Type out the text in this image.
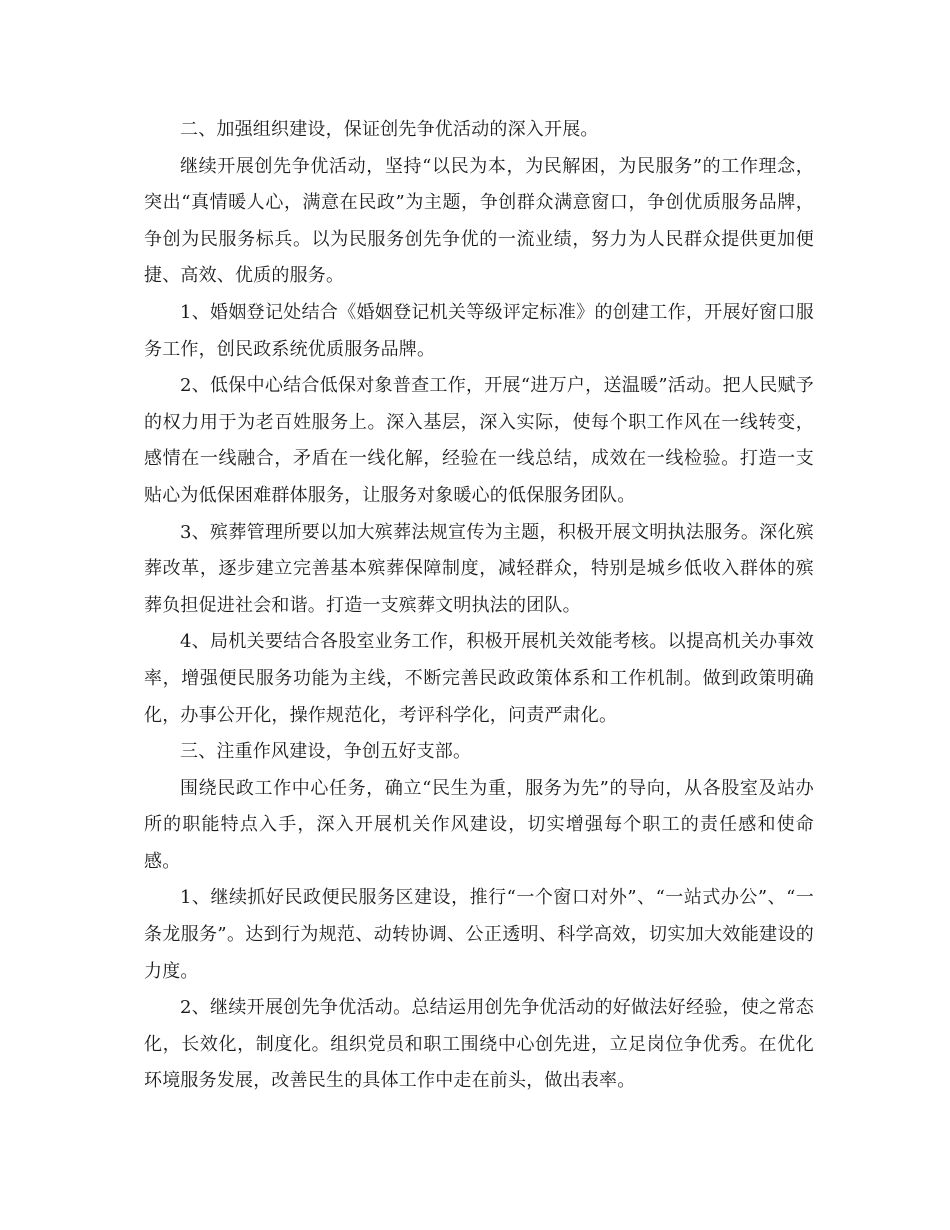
二、加强组织建设，保证创先争优活动的深入开展。

继续开展创先争优活动，坚持“以民为本，为民解困，为民服务”的工作理念，突出“真情暖人心，满意在民政”为主题，争创群众满意窗口，争创优质服务品牌，争创为民服务标兵。以为民服务创先争优的一流业绩，努力为人民群众提供更加便捷、高效、优质的服务。

1、婚姻登记处结合《婚姻登记机关等级评定标准》的创建工作，开展好窗口服务工作，创民政系统优质服务品牌。

2、低保中心结合低保对象普查工作，开展“进万户，送温暖”活动。把人民赋予的权力用于为老百姓服务上。深入基层，深入实际，使每个职工作风在一线转变，感情在一线融合，矛盾在一线化解，经验在一线总结，成效在一线检验。打造一支贴心为低保困难群体服务，让服务对象暖心的低保服务团队。

3、殡葬管理所要以加大殡葬法规宣传为主题，积极开展文明执法服务。深化殡葬改革，逐步建立完善基本殡葬保障制度，减轻群众，特别是城乡低收入群体的殡葬负担促进社会和谐。打造一支殡葬文明执法的团队。

4、局机关要结合各股室业务工作，积极开展机关效能考核。以提高机关办事效率，增强便民服务功能为主线，不断完善民政政策体系和工作机制。做到政策明确化，办事公开化，操作规范化，考评科学化，问责严肃化。

三、注重作风建设，争创五好支部。

围绕民政工作中心任务，确立“民生为重，服务为先”的导向，从各股室及站办所的职能特点入手，深入开展机关作风建设，切实增强每个职工的责任感和使命感。

1、继续抓好民政便民服务区建设，推行“一个窗口对外”、“一站式办公”、“一条龙服务”。达到行为规范、动转协调、公正透明、科学高效，切实加大效能建设的力度。

2、继续开展创先争优活动。总结运用创先争优活动的好做法好经验，使之常态化，长效化，制度化。组织党员和职工围绕中心创先进，立足岗位争优秀。在优化环境服务发展，改善民生的具体工作中走在前头，做出表率。
